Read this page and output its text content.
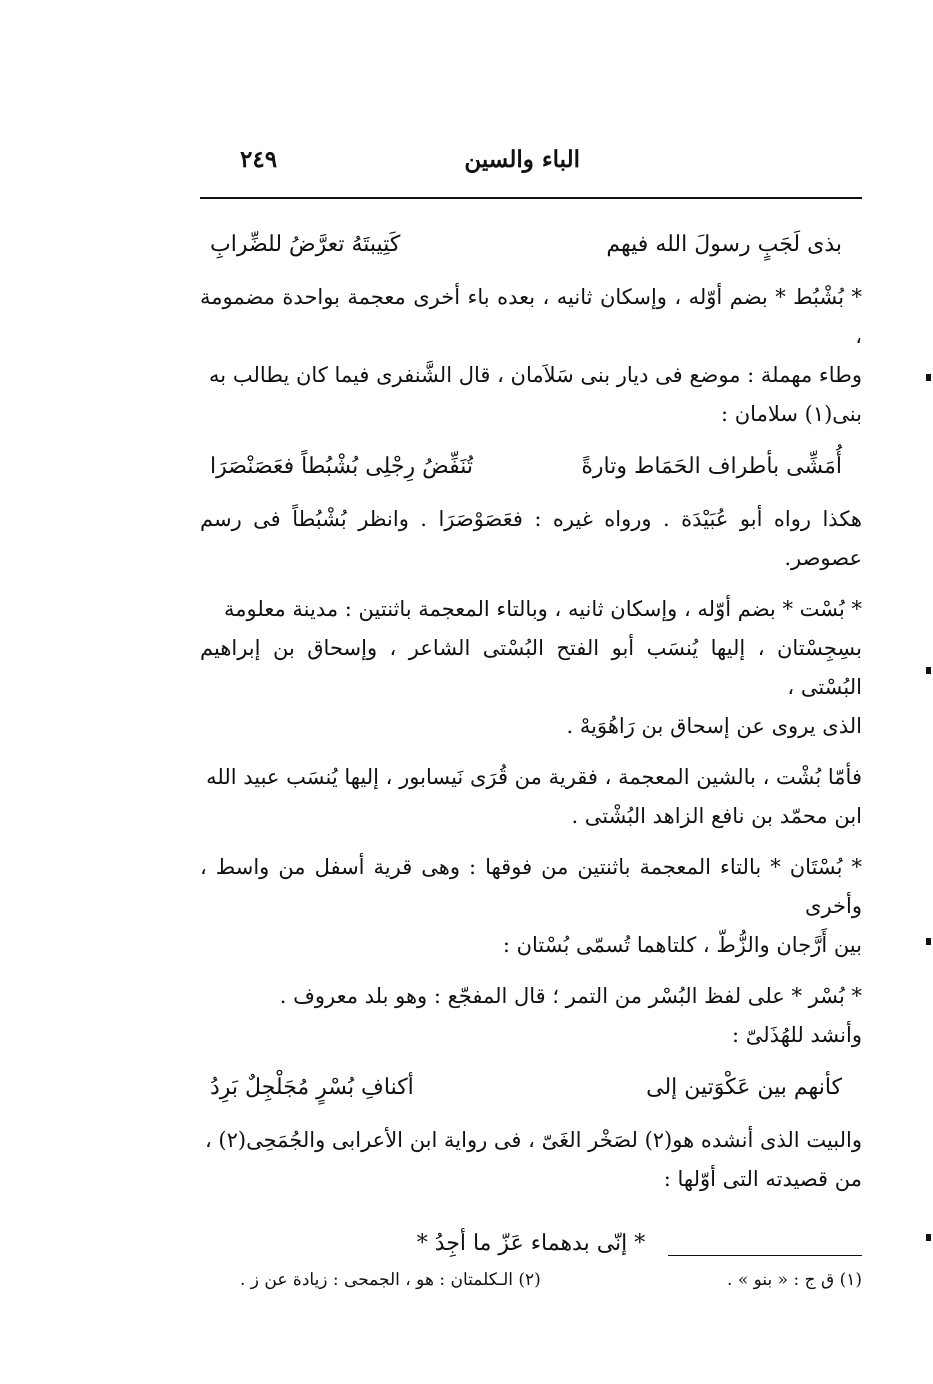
الباء والسين
٢٤٩
بذى لَجَبٍ رسولَ الله فيهم
كَتِيبتَهُ تعرَّضُ للضِّرابِ

* بُشْبُط * بضم أوّله ، وإسكان ثانيه ، بعده باء أخرى معجمة بواحدة مضمومة ،

وطاء مهملة : موضع فى ديار بنى سَلاَمان ، قال الشَّنفرى فيما كان يطالب به

بنى(١) سلامان :

أُمَشِّى بأطراف الحَمَاط وتارةً
تُنَفِّضُ رِجْلِى بُشْبُطاً فعَصَنْصَرَا

هكذا رواه أبو عُبَيْدَة . ورواه غيره : فعَصَوْصَرَا . وانظر بُشْبُطاً فى رسم عصوصر.

* بُسْت * بضم أوّله ، وإسكان ثانيه ، وبالتاء المعجمة باثنتين : مدينة معلومة

بسِجِسْتان ، إليها يُنسَب أبو الفتح البُسْتى الشاعر ، وإسحاق بن إبراهيم البُسْتى ،

الذى يروى عن إسحاق بن رَاهُوَيهْ .

فأمّا بُشْت ، بالشين المعجمة ، فقرية من قُرَى نَيسابور ، إليها يُنسَب عبيد الله

ابن محمّد بن نافع الزاهد البُشْتى .

* بُسْتَان * بالتاء المعجمة باثنتين من فوقها : وهى قرية أسفل من واسط ، وأخرى

بين أَرَّجان والزُّطّ ، كلتاهما تُسمّى بُسْتان :

* بُسْر * على لفظ البُسْر من التمر ؛ قال المفجّع : وهو بلد معروف .

وأنشد للهُذَلىّ :

كأنهم بين عَكْوَتين إلى
أكنافِ بُسْرٍ مُجَلْجِلٌ بَرِدُ

والبيت الذى أنشده هو(٢) لصَخْر الغَىّ ، فى رواية ابن الأعرابى والجُمَحِى(٢) ،

من قصيدته التى أوّلها :

* إنّى بدهماء عَزّ ما أجِدُ *
(١) ق ج : « بنو » .
(٢) الـكلمتان : هو ، الجمحى : زيادة عن ز .
